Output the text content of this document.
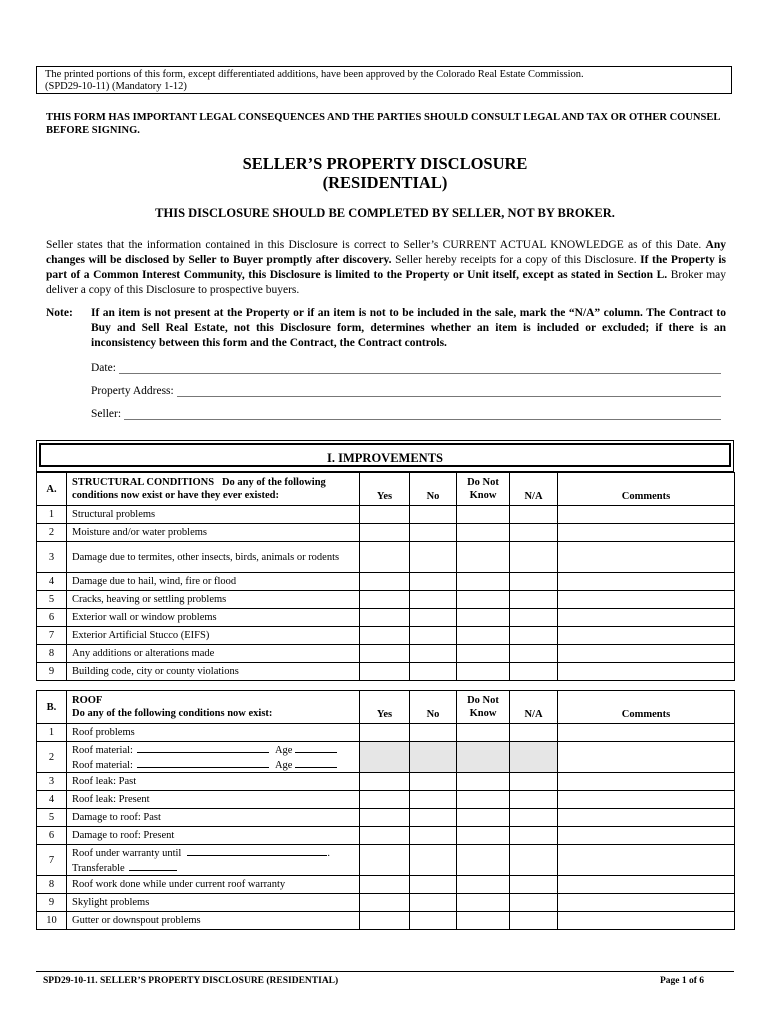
The printed portions of this form, except differentiated additions, have been approved by the Colorado Real Estate Commission.
(SPD29-10-11) (Mandatory 1-12)
THIS FORM HAS IMPORTANT LEGAL CONSEQUENCES AND THE PARTIES SHOULD CONSULT LEGAL AND TAX OR OTHER COUNSEL BEFORE SIGNING.
SELLER’S PROPERTY DISCLOSURE
(RESIDENTIAL)
THIS DISCLOSURE SHOULD BE COMPLETED BY SELLER, NOT BY BROKER.
Seller states that the information contained in this Disclosure is correct to Seller’s CURRENT ACTUAL KNOWLEDGE as of this Date. Any changes will be disclosed by Seller to Buyer promptly after discovery. Seller hereby receipts for a copy of this Disclosure. If the Property is part of a Common Interest Community, this Disclosure is limited to the Property or Unit itself, except as stated in Section L. Broker may deliver a copy of this Disclosure to prospective buyers.
Note: If an item is not present at the Property or if an item is not to be included in the sale, mark the “N/A” column. The Contract to Buy and Sell Real Estate, not this Disclosure form, determines whether an item is included or excluded; if there is an inconsistency between this form and the Contract, the Contract controls.
Date:
Property Address:
Seller:
I. IMPROVEMENTS
A.	STRUCTURAL CONDITIONS Do any of the following conditions now exist or have they ever existed:	Yes	No	Do Not
Know	N/A	Comments
1	Structural problems					
2	Moisture and/or water problems					
3	Damage due to termites, other insects, birds, animals or rodents					
4	Damage due to hail, wind, fire or flood					
5	Cracks, heaving or settling problems					
6	Exterior wall or window problems					
7	Exterior Artificial Stucco (EIFS)					
8	Any additions or alterations made					
9	Building code, city or county violations					
B.	ROOF
Do any of the following conditions now exist:	Yes	No	Do Not
Know	N/A	Comments
1	Roof problems					
2	Roof material: Age
Roof material: Age					

3	Roof leak: Past					
4	Roof leak: Present					
5	Damage to roof: Past					
6	Damage to roof: Present					
7	Roof under warranty until .
Transferable					

8	Roof work done while under current roof warranty					
9	Skylight problems					
10	Gutter or downspout problems					
SPD29-10-11. SELLER’S PROPERTY DISCLOSURE (RESIDENTIAL)	Page 1 of 6
